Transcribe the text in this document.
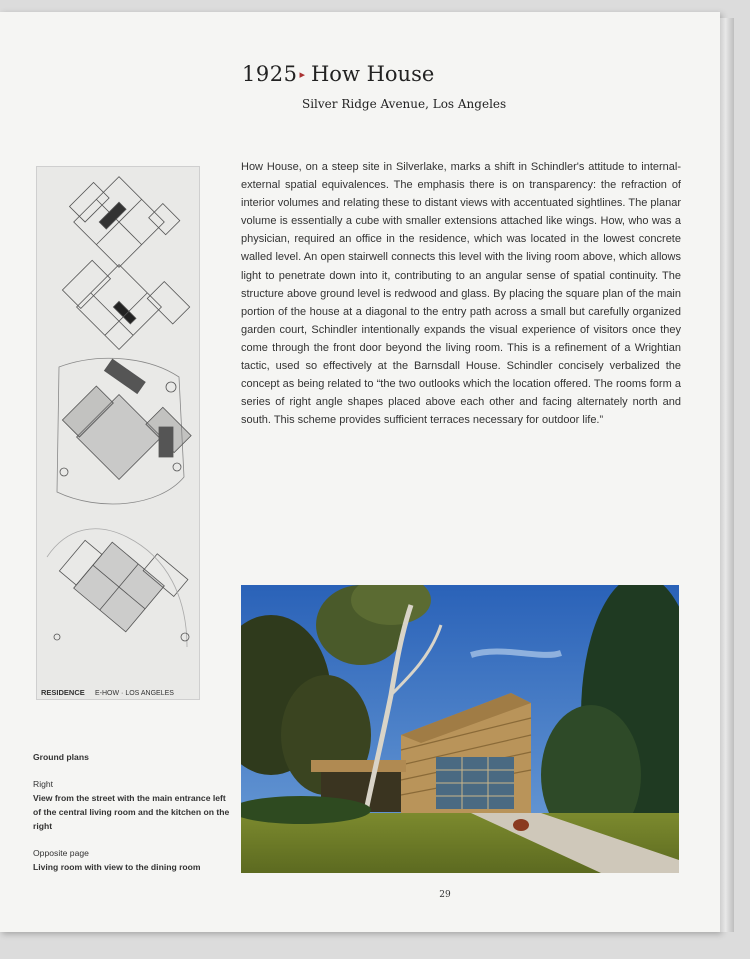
1925 ▸ How House
Silver Ridge Avenue, Los Angeles

How House, on a steep site in Silverlake, marks a shift in Schindler's attitude to internal-external spatial equivalences. The emphasis there is on transparency: the refraction of interior volumes and relating these to distant views with accentuated sightlines. The planar volume is essentially a cube with smaller extensions attached like wings. How, who was a physician, required an office in the residence, which was located in the lowest concrete walled level. An open stairwell connects this level with the living room above, which allows light to penetrate down into it, contributing to an angular sense of spatial continuity. The structure above ground level is redwood and glass. By placing the square plan of the main portion of the house at a diagonal to the entry path across a small but carefully organized garden court, Schindler intentionally expands the visual experience of visitors once they come through the front door beyond the living room. This is a refinement of a Wrightian tactic, used so effectively at the Barnsdall House. Schindler concisely verbalized the concept as being related to “the two outlooks which the location offered. The rooms form a series of right angle shapes placed above each other and facing alternately north and south. This scheme provides sufficient terraces necessary for outdoor life.”

RESIDENCE E-HOW · LOS ANGELES
Ground plans
Right
View from the street with the main entrance left of the central living room and the kitchen on the right
Opposite page
Living room with view to the dining room
29
